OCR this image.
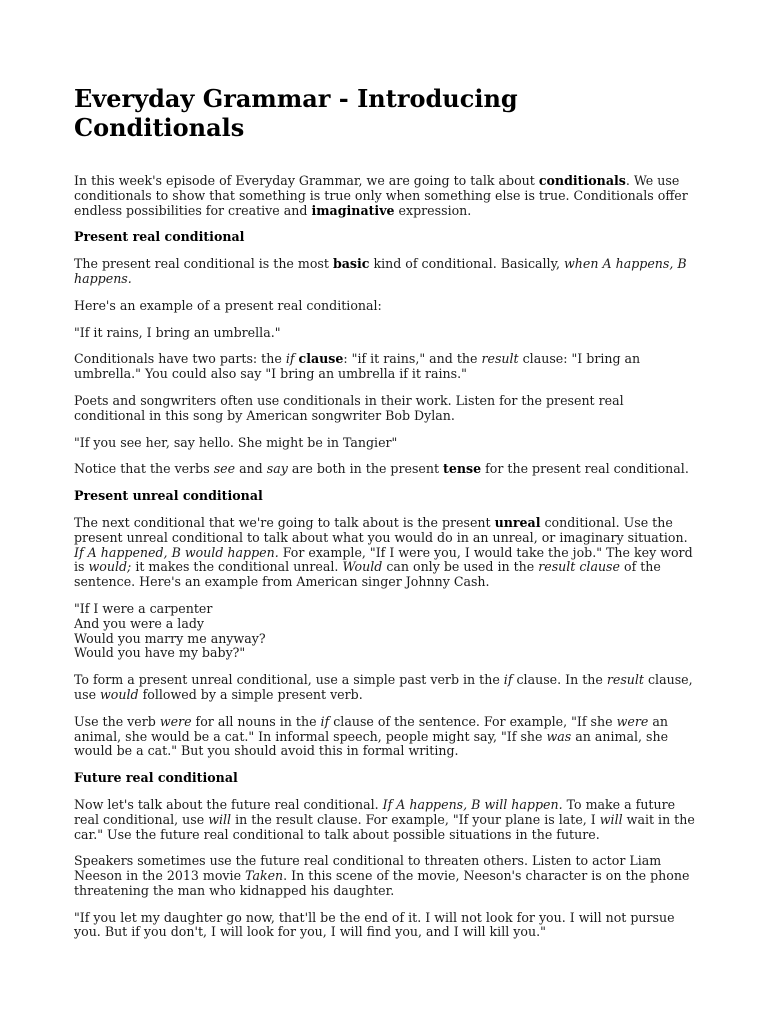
Everyday Grammar - Introducing Conditionals

In this week's episode of Everyday Grammar, we are going to talk about conditionals. We use conditionals to show that something is true only when something else is true. Conditionals offer endless possibilities for creative and imaginative expression.

Present real conditional

The present real conditional is the most basic kind of conditional. Basically, when A happens, B happens.

Here's an example of a present real conditional:

"If it rains, I bring an umbrella."

Conditionals have two parts: the if clause: "if it rains," and the result clause: "I bring an umbrella." You could also say "I bring an umbrella if it rains."

Poets and songwriters often use conditionals in their work. Listen for the present real conditional in this song by American songwriter Bob Dylan.

"If you see her, say hello. She might be in Tangier"

Notice that the verbs see and say are both in the present tense for the present real conditional.

Present unreal conditional

The next conditional that we're going to talk about is the present unreal conditional. Use the present unreal conditional to talk about what you would do in an unreal, or imaginary situation. If A happened, B would happen. For example, "If I were you, I would take the job." The key word is would; it makes the conditional unreal. Would can only be used in the result clause of the sentence. Here's an example from American singer Johnny Cash.

"If I were a carpenter
And you were a lady
Would you marry me anyway?
Would you have my baby?"

To form a present unreal conditional, use a simple past verb in the if clause. In the result clause, use would followed by a simple present verb.

Use the verb were for all nouns in the if clause of the sentence. For example, "If she were an animal, she would be a cat." In informal speech, people might say, "If she was an animal, she would be a cat." But you should avoid this in formal writing.

Future real conditional

Now let's talk about the future real conditional. If A happens, B will happen. To make a future real conditional, use will in the result clause. For example, "If your plane is late, I will wait in the car." Use the future real conditional to talk about possible situations in the future.

Speakers sometimes use the future real conditional to threaten others. Listen to actor Liam Neeson in the 2013 movie Taken. In this scene of the movie, Neeson's character is on the phone threatening the man who kidnapped his daughter.

"If you let my daughter go now, that'll be the end of it. I will not look for you. I will not pursue you. But if you don't, I will look for you, I will find you, and I will kill you."
